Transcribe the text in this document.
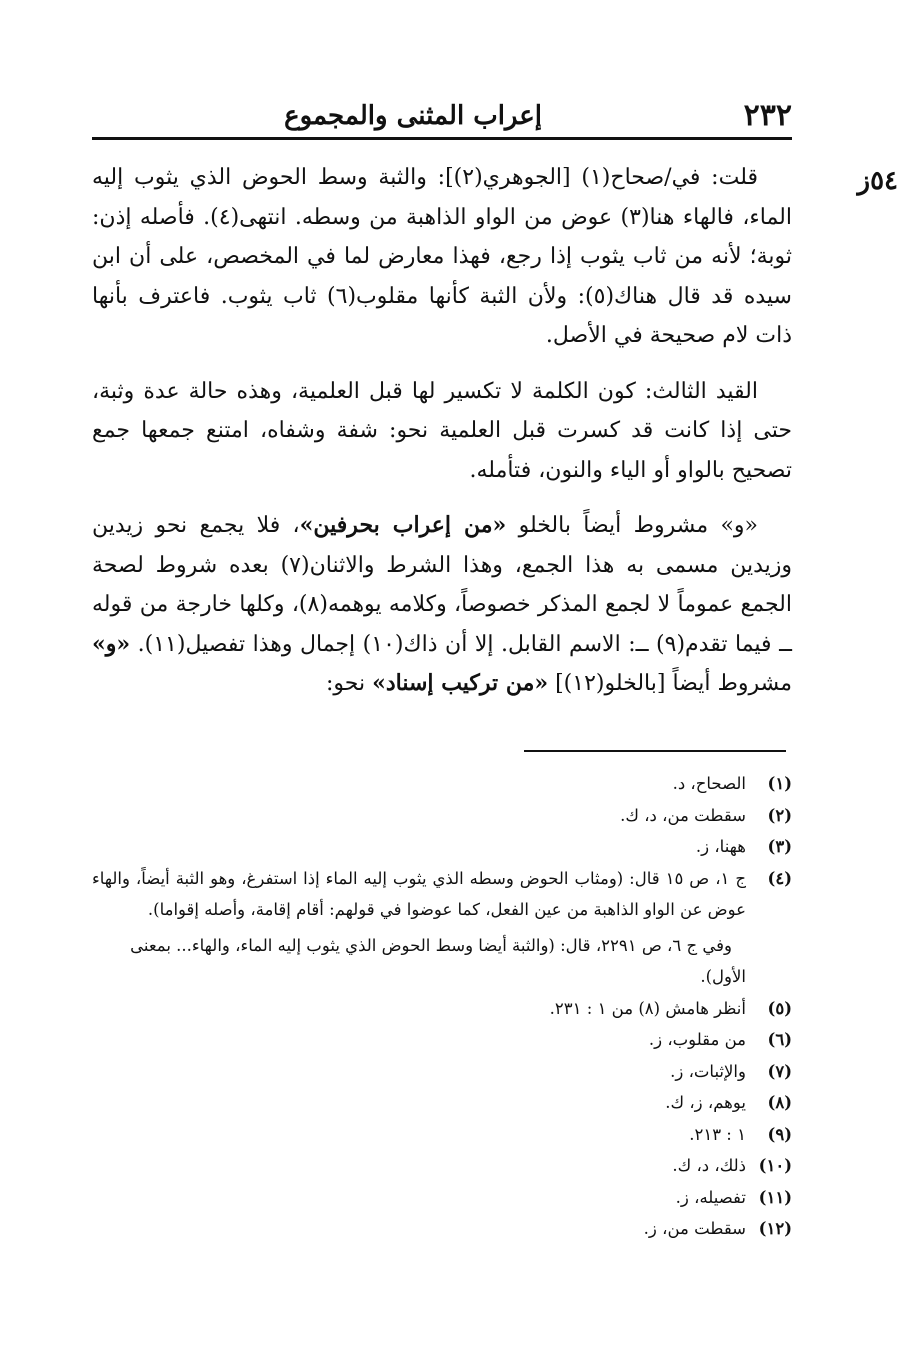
٢٣٢
إعراب المثنى والمجموع
٥٤ز

قلت: في/صحاح(١) [الجوهري(٢)]: والثبة وسط الحوض الذي يثوب إليه الماء، فالهاء هنا(٣) عوض من الواو الذاهبة من وسطه. انتهى(٤). فأصله إذن: ثوبة؛ لأنه من ثاب يثوب إذا رجع، فهذا معارض لما في المخصص، على أن ابن سيده قد قال هناك(٥): ولأن الثبة كأنها مقلوب(٦) ثاب يثوب. فاعترف بأنها ذات لام صحيحة في الأصل.

القيد الثالث: كون الكلمة لا تكسير لها قبل العلمية، وهذه حالة عدة وثبة، حتى إذا كانت قد كسرت قبل العلمية نحو: شفة وشفاه، امتنع جمعها جمع تصحيح بالواو أو الياء والنون، فتأمله.

«و» مشروط أيضاً بالخلو «من إعراب بحرفين»، فلا يجمع نحو زيدين وزيدين مسمى به هذا الجمع، وهذا الشرط والاثنان(٧) بعده شروط لصحة الجمع عموماً لا لجمع المذكر خصوصاً، وكلامه يوهمه(٨)، وكلها خارجة من قوله ــ فيما تقدم(٩) ــ: الاسم القابل. إلا أن ذاك(١٠) إجمال وهذا تفصيل(١١). «و» مشروط أيضاً [بالخلو(١٢)] «من تركيب إسناد» نحو:

(١)
الصحاح، د.
(٢)
سقطت من، د، ك.
(٣)
ههنا، ز.
(٤)
ج ١، ص ١٥ قال: (ومثاب الحوض وسطه الذي يثوب إليه الماء إذا استفرغ، وهو الثبة أيضاً، والهاء عوض عن الواو الذاهبة من عين الفعل، كما عوضوا في قولهم: أقام إقامة، وأصله إقواما).
وفي ج ٦، ص ٢٢٩١، قال: (والثبة أيضا وسط الحوض الذي يثوب إليه الماء، والهاء... بمعنى الأول).
(٥)
أنظر هامش (٨) من ١ : ٢٣١.
(٦)
من مقلوب، ز.
(٧)
والإثبات، ز.
(٨)
يوهم، ز، ك.
(٩)
١ : ٢١٣.
(١٠)
ذلك، د، ك.
(١١)
تفصيله، ز.
(١٢)
سقطت من، ز.
